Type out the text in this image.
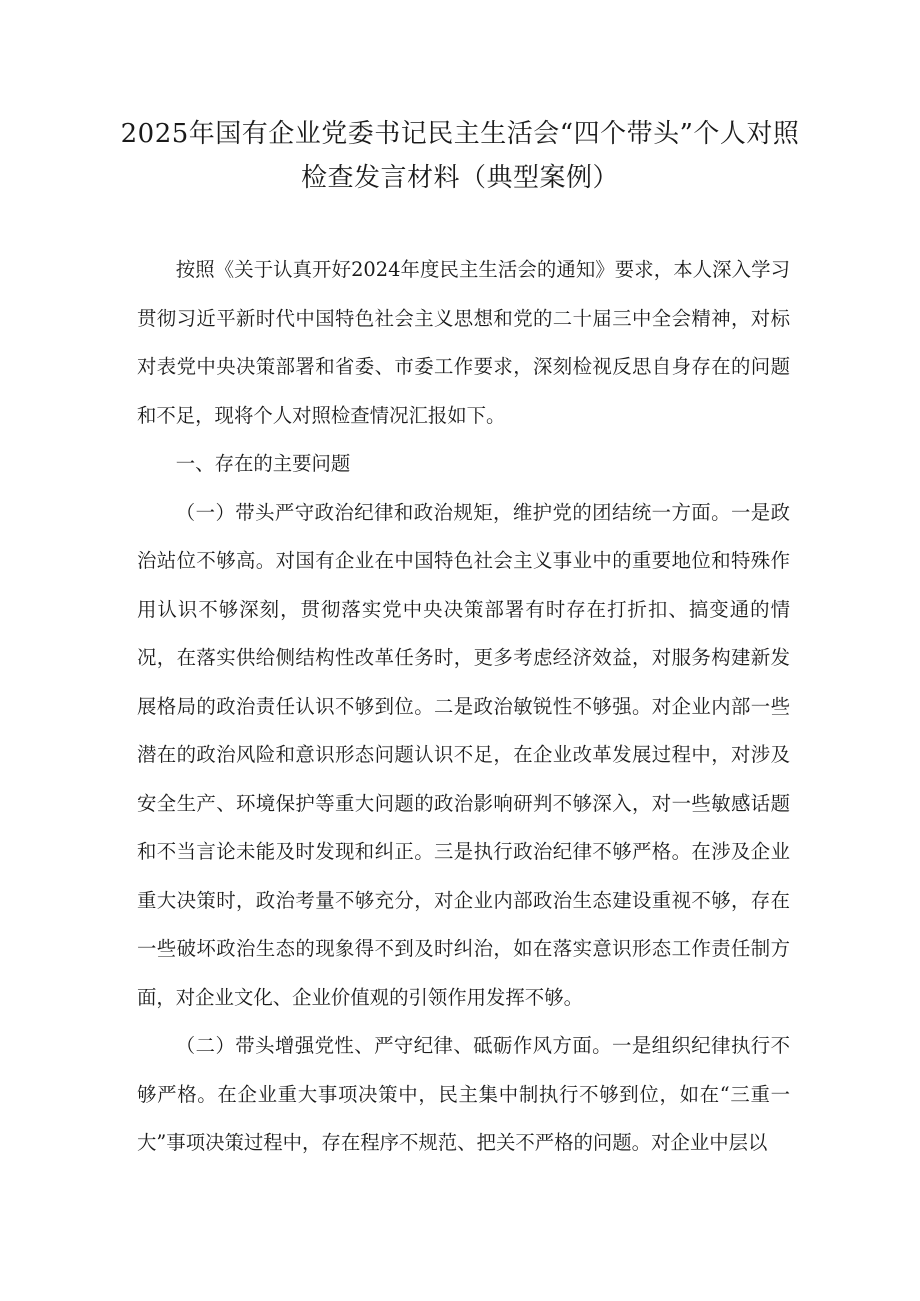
2025年国有企业党委书记民主生活会“四个带头”个人对照检查发言材料（典型案例）

按照《关于认真开好2024年度民主生活会的通知》要求，本人深入学习贯彻习近平新时代中国特色社会主义思想和党的二十届三中全会精神，对标对表党中央决策部署和省委、市委工作要求，深刻检视反思自身存在的问题和不足，现将个人对照检查情况汇报如下。

一、存在的主要问题

（一）带头严守政治纪律和政治规矩，维护党的团结统一方面。一是政治站位不够高。对国有企业在中国特色社会主义事业中的重要地位和特殊作用认识不够深刻，贯彻落实党中央决策部署有时存在打折扣、搞变通的情况，在落实供给侧结构性改革任务时，更多考虑经济效益，对服务构建新发展格局的政治责任认识不够到位。二是政治敏锐性不够强。对企业内部一些潜在的政治风险和意识形态问题认识不足，在企业改革发展过程中，对涉及安全生产、环境保护等重大问题的政治影响研判不够深入，对一些敏感话题和不当言论未能及时发现和纠正。三是执行政治纪律不够严格。在涉及企业重大决策时，政治考量不够充分，对企业内部政治生态建设重视不够，存在一些破坏政治生态的现象得不到及时纠治，如在落实意识形态工作责任制方面，对企业文化、企业价值观的引领作用发挥不够。

（二）带头增强党性、严守纪律、砥砺作风方面。一是组织纪律执行不够严格。在企业重大事项决策中，民主集中制执行不够到位，如在“三重一大”事项决策过程中，存在程序不规范、把关不严格的问题。对企业中层以
